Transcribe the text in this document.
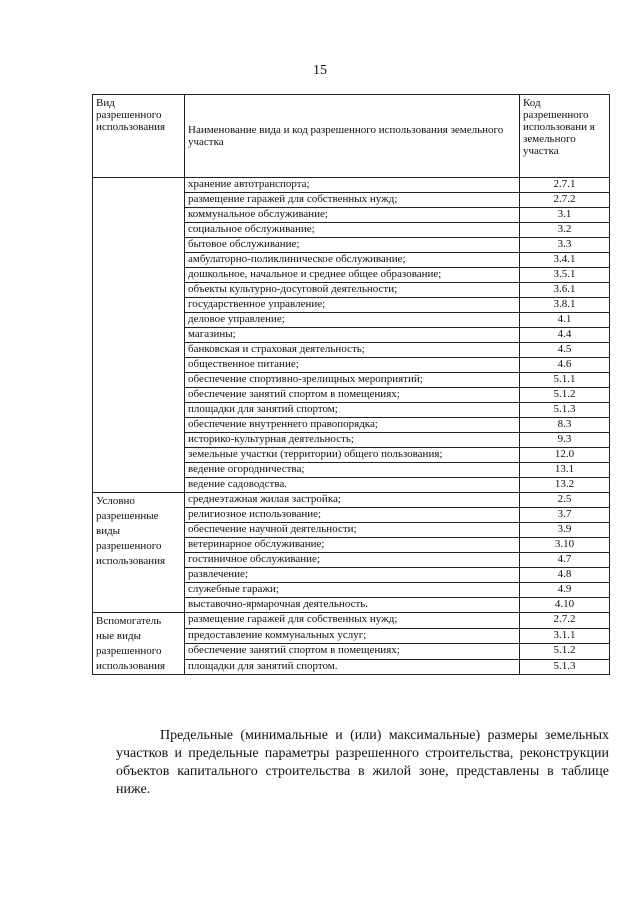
15
Вид разрешенного использования	Наименование вида и код разрешенного использования земельного участка	Код разрешенного использовани я земельного участка
	хранение автотранспорта;	2.7.1
	размещение гаражей для собственных нужд;	2.7.2
	коммунальное обслуживание;	3.1
	социальное обслуживание;	3.2
	бытовое обслуживание;	3.3
	амбулаторно-поликлиническое обслуживание;	3.4.1
	дошкольное, начальное и среднее общее образование;	3.5.1
	объекты культурно-досуговой деятельности;	3.6.1
	государственное управление;	3.8.1
	деловое управление;	4.1
	магазины;	4.4
	банковская и страховая деятельность;	4.5
	общественное питание;	4.6
	обеспечение спортивно-зрелищных мероприятий;	5.1.1
	обеспечение занятий спортом в помещениях;	5.1.2
	площадки для занятий спортом;	5.1.3
	обеспечение внутреннего правопорядка;	8.3
	историко-культурная деятельность;	9.3
	земельные участки (территории) общего пользования;	12.0
	ведение огородничества;	13.1
	ведение садоводства.	13.2
Условно
разрешенные
виды
разрешенного
использования	среднеэтажная жилая застройка;	2.5
	религиозное использование;	3.7
	обеспечение научной деятельности;	3.9
	ветеринарное обслуживание;	3.10
	гостиничное обслуживание;	4.7
	развлечение;	4.8
	служебные гаражи;	4.9
	выставочно-ярмарочная деятельность.	4.10
Вспомогатель
ные виды
разрешенного
использования	размещение гаражей для собственных нужд;	2.7.2
	предоставление коммунальных услуг;	3.1.1
	обеспечение занятий спортом в помещениях;	5.1.2
	площадки для занятий спортом.	5.1.3

Предельные (минимальные и (или) максимальные) размеры земельных участков и предельные параметры разрешенного строительства, реконструкции объектов капитального строительства в жилой зоне, представлены в таблице ниже.
